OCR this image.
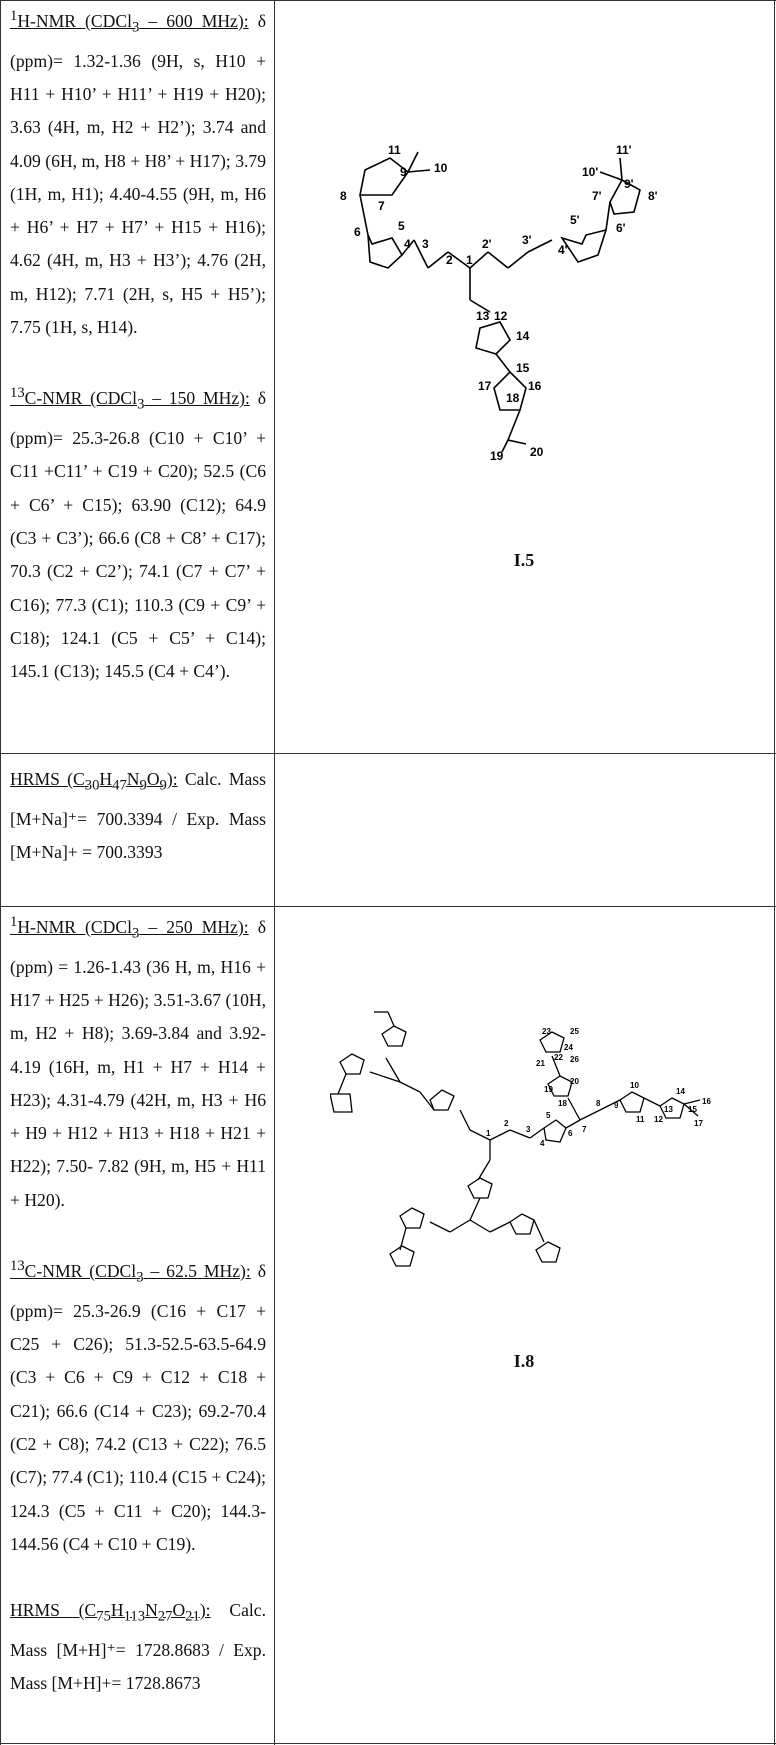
$^1$H-NMR (CDCl$_3$ – 600 MHz): δ (ppm)= 1.32-1.36 (9H, s, H10 + H11 + H10’ + H11’ + H19 + H20); 3.63 (4H, m, H2 + H2’); 3.74 and 4.09 (6H, m, H8 + H8’ + H17); 3.79 (1H, m, H1); 4.40-4.55 (9H, m, H6 + H6’ + H7 + H7’ + H15 + H16); 4.62 (4H, m, H3 + H3’); 4.76 (2H, m, H12); 7.71 (2H, s, H5 + H5’); 7.75 (1H, s, H14).

$^{13}$C-NMR (CDCl$_3$ – 150 MHz): δ (ppm)= 25.3-26.8 (C10 + C10’ + C11 +C11’ + C19 + C20); 52.5 (C6 + C6’ + C15); 63.90 (C12); 64.9 (C3 + C3’); 66.6 (C8 + C8’ + C17); 70.3 (C2 + C2’); 74.1 (C7 + C7’ + C16); 77.3 (C1); 110.3 (C9 + C9’ + C18); 124.1 (C5 + C5’ + C14); 145.1 (C13); 145.5 (C4 + C4’).

HRMS $(C_{30}H_{47}N_9O_9)$: Calc. Mass [M+Na]⁺= 700.3394 / Exp. Mass [M+Na]+ = 700.3393

$^1$H-NMR (CDCl$_3$ – 250 MHz): δ (ppm) = 1.26-1.43 (36 H, m, H16 + H17 + H25 + H26); 3.51-3.67 (10H, m, H2 + H8); 3.69-3.84 and 3.92-4.19 (16H, m, H1 + H7 + H14 + H23); 4.31-4.79 (42H, m, H3 + H6 + H9 + H12 + H13 + H18 + H21 + H22); 7.50- 7.82 (9H, m, H5 + H11 + H20).

$^{13}$C-NMR (CDCl$_3$ – 62.5 MHz): δ (ppm)= 25.3-26.9 (C16 + C17 + C25 + C26); 51.3-52.5-63.5-64.9 (C3 + C6 + C9 + C12 + C18 + C21); 66.6 (C14 + C23); 69.2-70.4 (C2 + C8); 74.2 (C13 + C22); 76.5 (C7); 77.4 (C1); 110.4 (C15 + C24); 124.3 (C5 + C11 + C20); 144.3-144.56 (C4 + C10 + C19).

HRMS $(C_{75}H_{113}N_{27}O_{21})$: Calc. Mass [M+H]⁺= 1728.8683 / Exp. Mass [M+H]+= 1728.8673

8
11
10
9
7
6	5
4 3
2 1
2'	3'
4'
5'
6'
7'	8'
9'
10'
11'
12
13
14
15
16
17
18
19 20
I.5
1
2
3
4
5
6 7
8 9
10
11 12
13
14
15
16
17
18
19
20
21
22
23
24
25
26
I.8
